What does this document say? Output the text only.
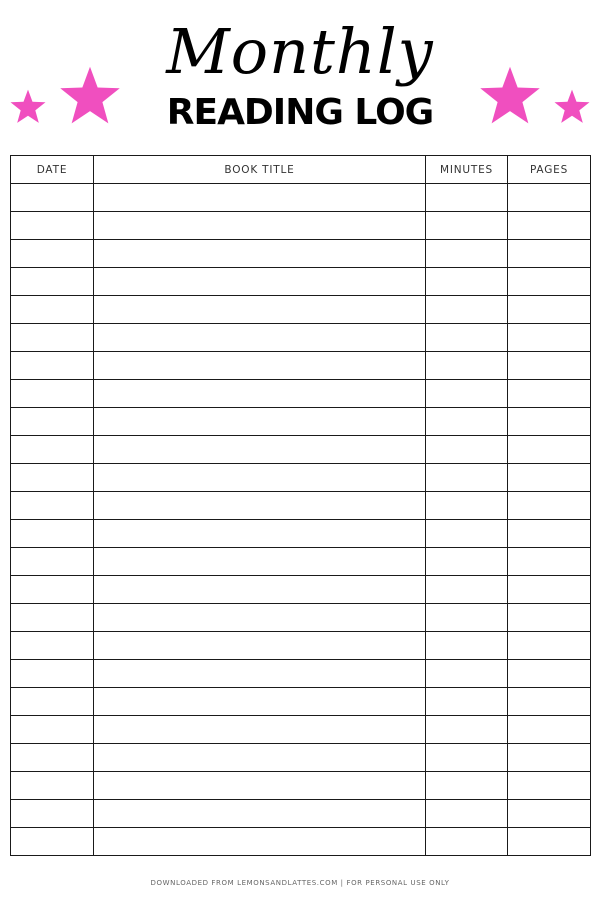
Monthly
READING LOG
DATE	BOOK TITLE	MINUTES	PAGES

DOWNLOADED FROM LEMONSANDLATTES.COM | FOR PERSONAL USE ONLY
